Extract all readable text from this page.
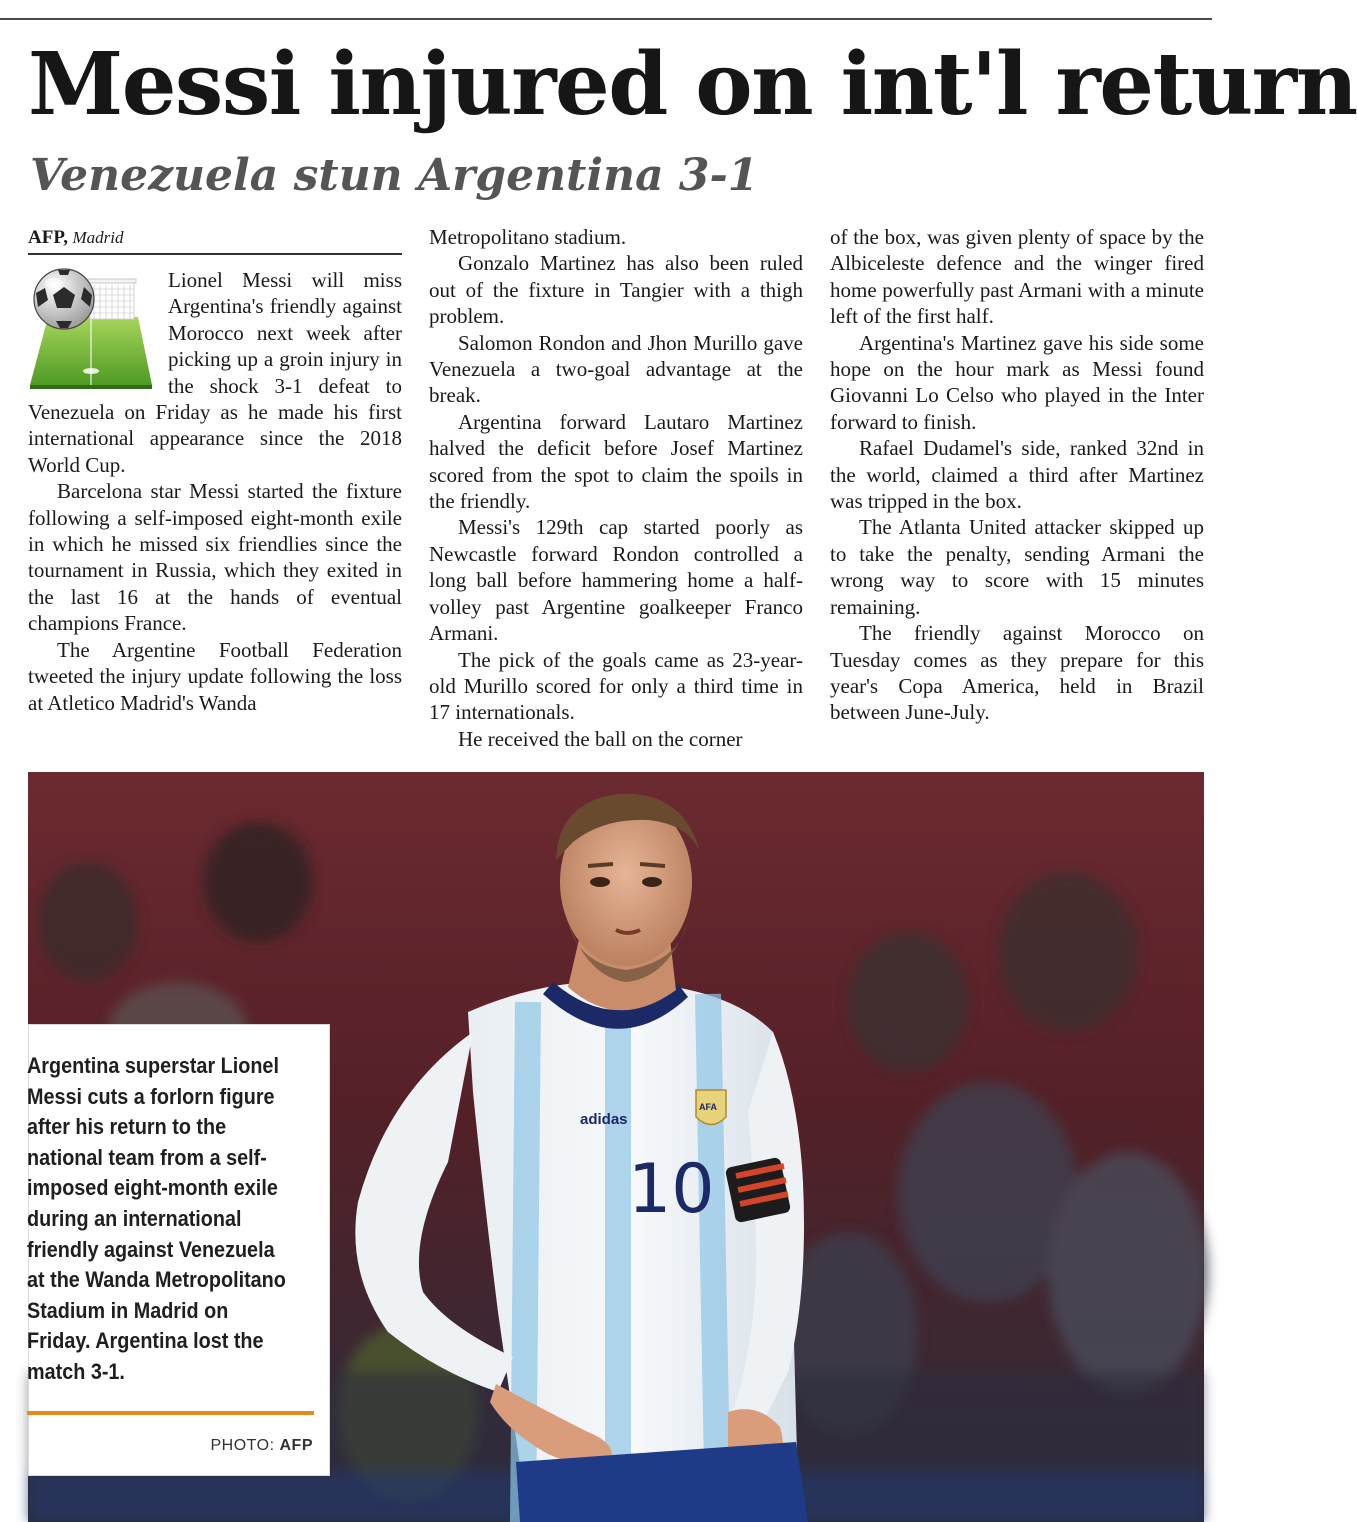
Messi injured on int'l return
Venezuela stun Argentina 3-1
AFP, Madrid

Lionel Messi will miss Argentina's friendly against Morocco next week after picking up a groin injury in the shock 3-1 defeat to Venezuela on Friday as he made his first international appearance since the 2018 World Cup.

Barcelona star Messi started the fixture following a self-imposed eight-month exile in which he missed six friendlies since the tournament in Russia, which they exited in the last 16 at the hands of eventual champions France.

The Argentine Football Federation tweeted the injury update following the loss at Atletico Madrid's Wanda

Metropolitano stadium.

Gonzalo Martinez has also been ruled out of the fixture in Tangier with a thigh problem.

Salomon Rondon and Jhon Murillo gave Venezuela a two-goal advantage at the break.

Argentina forward Lautaro Martinez halved the deficit before Josef Martinez scored from the spot to claim the spoils in the friendly.

Messi's 129th cap started poorly as Newcastle forward Rondon controlled a long ball before hammering home a half-volley past Argentine goalkeeper Franco Armani.

The pick of the goals came as 23-year-old Murillo scored for only a third time in 17 internationals.

He received the ball on the corner

of the box, was given plenty of space by the Albiceleste defence and the winger fired home powerfully past Armani with a minute left of the first half.

Argentina's Martinez gave his side some hope on the hour mark as Messi found Giovanni Lo Celso who played in the Inter forward to finish.

Rafael Dudamel's side, ranked 32nd in the world, claimed a third after Martinez was tripped in the box.

The Atlanta United attacker skipped up to take the penalty, sending Armani the wrong way to score with 15 minutes remaining.

The friendly against Morocco on Tuesday comes as they prepare for this year's Copa America, held in Brazil between June-July.

adidas
10
AFA

Argentina superstar Lionel Messi cuts a forlorn figure after his return to the national team from a self-imposed eight-month exile during an international friendly against Venezuela at the Wanda Metropolitano Stadium in Madrid on Friday. Argentina lost the match 3-1.

PHOTO: AFP
